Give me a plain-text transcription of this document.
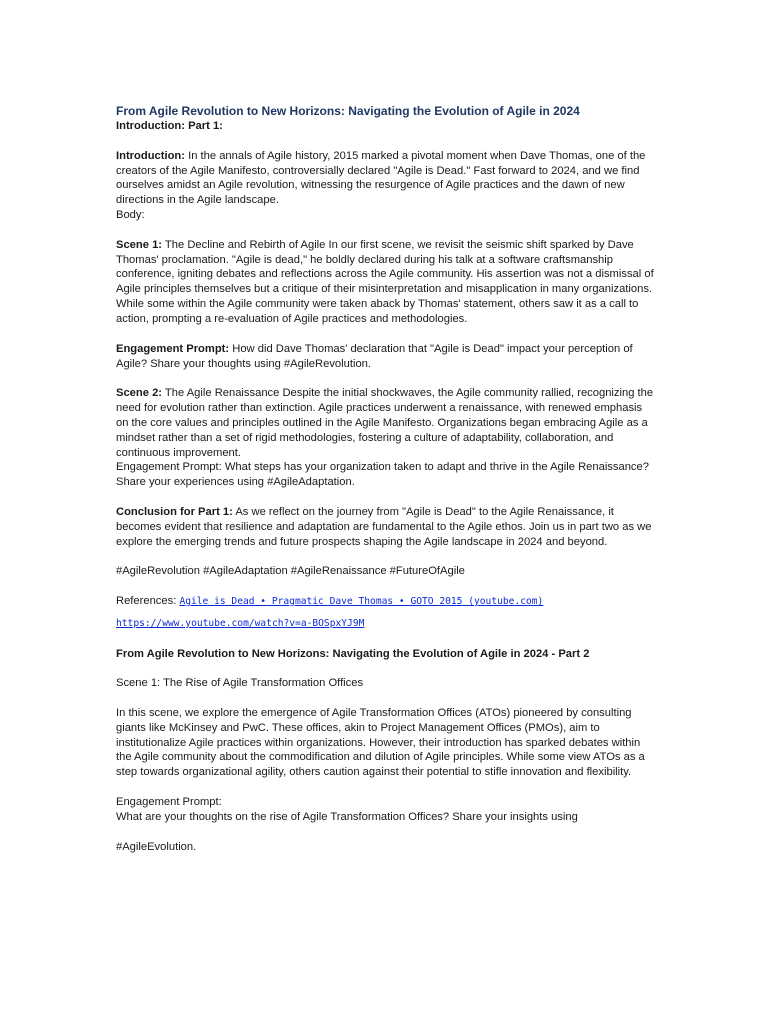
From Agile Revolution to New Horizons: Navigating the Evolution of Agile in 2024

Introduction: Part 1:

Introduction: In the annals of Agile history, 2015 marked a pivotal moment when Dave Thomas, one of the creators of the Agile Manifesto, controversially declared "Agile is Dead." Fast forward to 2024, and we find ourselves amidst an Agile revolution, witnessing the resurgence of Agile practices and the dawn of new directions in the Agile landscape.

Body:

Scene 1: The Decline and Rebirth of Agile In our first scene, we revisit the seismic shift sparked by Dave Thomas' proclamation. "Agile is dead," he boldly declared during his talk at a software craftsmanship conference, igniting debates and reflections across the Agile community. His assertion was not a dismissal of Agile principles themselves but a critique of their misinterpretation and misapplication in many organizations. While some within the Agile community were taken aback by Thomas' statement, others saw it as a call to action, prompting a re-evaluation of Agile practices and methodologies.

Engagement Prompt: How did Dave Thomas' declaration that "Agile is Dead" impact your perception of Agile? Share your thoughts using #AgileRevolution.

Scene 2: The Agile Renaissance Despite the initial shockwaves, the Agile community rallied, recognizing the need for evolution rather than extinction. Agile practices underwent a renaissance, with renewed emphasis on the core values and principles outlined in the Agile Manifesto. Organizations began embracing Agile as a mindset rather than a set of rigid methodologies, fostering a culture of adaptability, collaboration, and continuous improvement.

Engagement Prompt: What steps has your organization taken to adapt and thrive in the Agile Renaissance? Share your experiences using #AgileAdaptation.

Conclusion for Part 1: As we reflect on the journey from "Agile is Dead" to the Agile Renaissance, it becomes evident that resilience and adaptation are fundamental to the Agile ethos. Join us in part two as we explore the emerging trends and future prospects shaping the Agile landscape in 2024 and beyond.

#AgileRevolution #AgileAdaptation #AgileRenaissance #FutureOfAgile

References: Agile is Dead • Pragmatic Dave Thomas • GOTO 2015 (youtube.com)

https://www.youtube.com/watch?v=a-BOSpxYJ9M

From Agile Revolution to New Horizons: Navigating the Evolution of Agile in 2024 - Part 2

Scene 1: The Rise of Agile Transformation Offices

In this scene, we explore the emergence of Agile Transformation Offices (ATOs) pioneered by consulting giants like McKinsey and PwC. These offices, akin to Project Management Offices (PMOs), aim to institutionalize Agile practices within organizations. However, their introduction has sparked debates within the Agile community about the commodification and dilution of Agile principles. While some view ATOs as a step towards organizational agility, others caution against their potential to stifle innovation and flexibility.

Engagement Prompt:

What are your thoughts on the rise of Agile Transformation Offices? Share your insights using

#AgileEvolution.
